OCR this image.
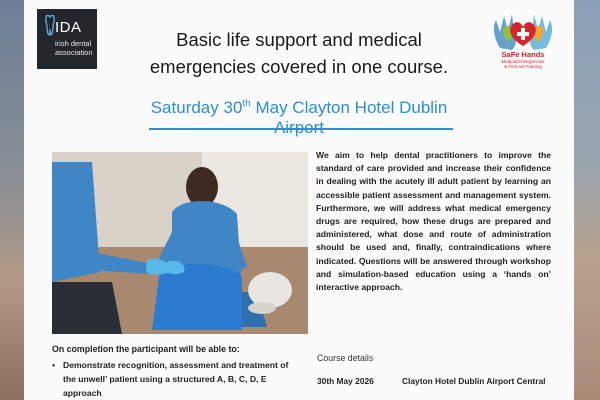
IDA
irish dental
association
Basic life support and medical
emergencies covered in one course.
SaFe Hands
Medical Emergencies
& First Aid Training
Saturday 30th May Clayton Hotel Dublin
We aim to help dental practitioners to improve the standard of care provided and increase their confidence in dealing with the acutely ill adult patient by learning an accessible patient assessment and management system. Furthermore, we will address what medical emergency drugs are required, how these drugs are prepared and administered, what dose and route of administration should be used and, finally, contraindications where indicated. Questions will be answered through workshop and simulation-based education using a ‘hands on’ interactive approach.
On completion the participant will be able to:
• Demonstrate recognition, assessment and treatment of the unwell’ patient using a structured A, B, C, D, E approach
Course details
30th May 2026	Clayton Hotel Dublin Airport Central
